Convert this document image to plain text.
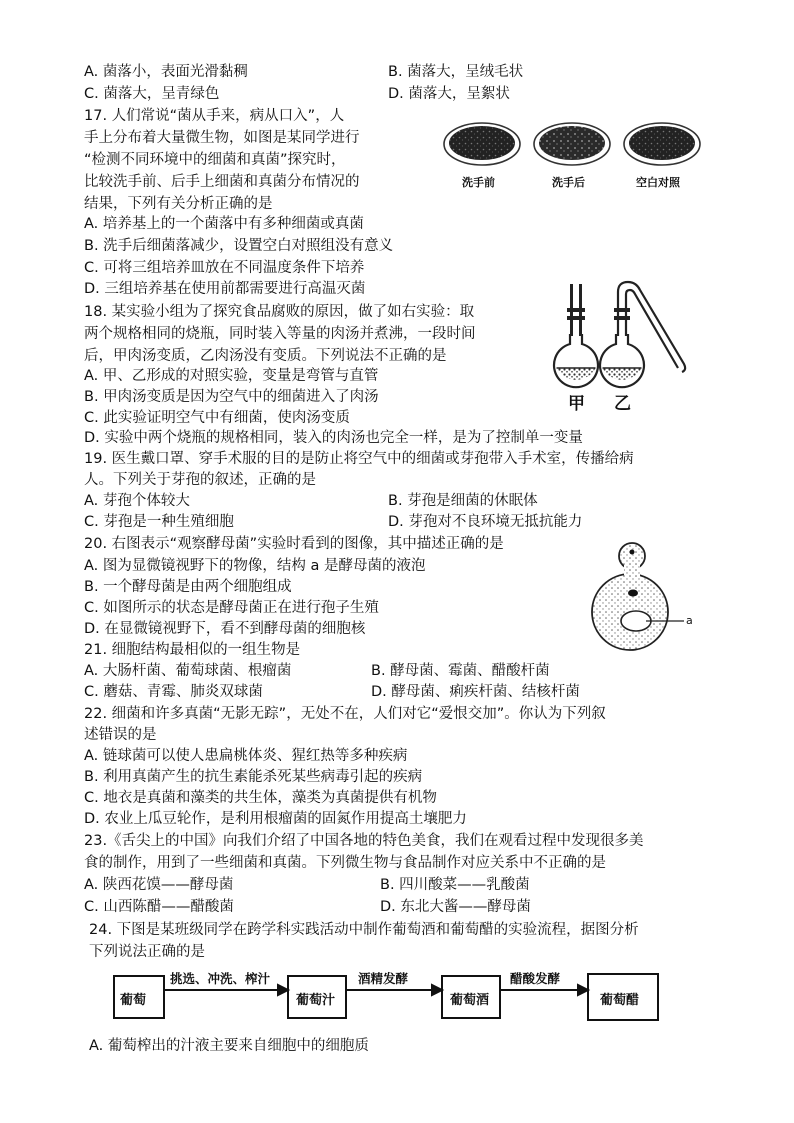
A. 菌落小，表面光滑黏稠	B. 菌落大，呈绒毛状
C. 菌落大，呈青绿色	D. 菌落大，呈絮状
17. 人们常说“菌从手来，病从口入”，人
手上分布着大量微生物，如图是某同学进行
“检测不同环境中的细菌和真菌”探究时，
比较洗手前、后手上细菌和真菌分布情况的
结果，下列有关分析正确的是
A. 培养基上的一个菌落中有多种细菌或真菌
B. 洗手后细菌落减少，设置空白对照组没有意义
C. 可将三组培养皿放在不同温度条件下培养
D. 三组培养基在使用前都需要进行高温灭菌
洗手前	洗手后	空白对照
18. 某实验小组为了探究食品腐败的原因，做了如右实验：取
两个规格相同的烧瓶，同时装入等量的肉汤并煮沸，一段时间
后，甲肉汤变质，乙肉汤没有变质。下列说法不正确的是
A. 甲、乙形成的对照实验，变量是弯管与直管
B. 甲肉汤变质是因为空气中的细菌进入了肉汤
C. 此实验证明空气中有细菌，使肉汤变质
D. 实验中两个烧瓶的规格相同，装入的肉汤也完全一样，是为了控制单一变量
甲 乙
19. 医生戴口罩、穿手术服的目的是防止将空气中的细菌或芽孢带入手术室，传播给病
人。下列关于芽孢的叙述，正确的是
A. 芽孢个体较大	B. 芽孢是细菌的休眠体
C. 芽孢是一种生殖细胞	D. 芽孢对不良环境无抵抗能力
20. 右图表示“观察酵母菌”实验时看到的图像，其中描述正确的是
A. 图为显微镜视野下的物像，结构 a 是酵母菌的液泡
B. 一个酵母菌是由两个细胞组成
C. 如图所示的状态是酵母菌正在进行孢子生殖
D. 在显微镜视野下，看不到酵母菌的细胞核
a
21. 细胞结构最相似的一组生物是
A. 大肠杆菌、葡萄球菌、根瘤菌	B. 酵母菌、霉菌、醋酸杆菌
C. 蘑菇、青霉、肺炎双球菌	D. 酵母菌、痢疾杆菌、结核杆菌
22. 细菌和许多真菌“无影无踪”，无处不在，人们对它“爱恨交加”。你认为下列叙
述错误的是
A. 链球菌可以使人患扁桃体炎、猩红热等多种疾病
B. 利用真菌产生的抗生素能杀死某些病毒引起的疾病
C. 地衣是真菌和藻类的共生体，藻类为真菌提供有机物
D. 农业上瓜豆轮作，是利用根瘤菌的固氮作用提高土壤肥力
23.《舌尖上的中国》向我们介绍了中国各地的特色美食，我们在观看过程中发现很多美
食的制作，用到了一些细菌和真菌。下列微生物与食品制作对应关系中不正确的是
A. 陕西花馍——酵母菌	B. 四川酸菜——乳酸菌
C. 山西陈醋——醋酸菌	D. 东北大酱——酵母菌
24. 下图是某班级同学在跨学科实践活动中制作葡萄酒和葡萄醋的实验流程，据图分析
下列说法正确的是
葡萄	葡萄汁	葡萄酒	葡萄醋
挑选、冲洗、榨汁	酒精发酵	醋酸发酵
A. 葡萄榨出的汁液主要来自细胞中的细胞质
